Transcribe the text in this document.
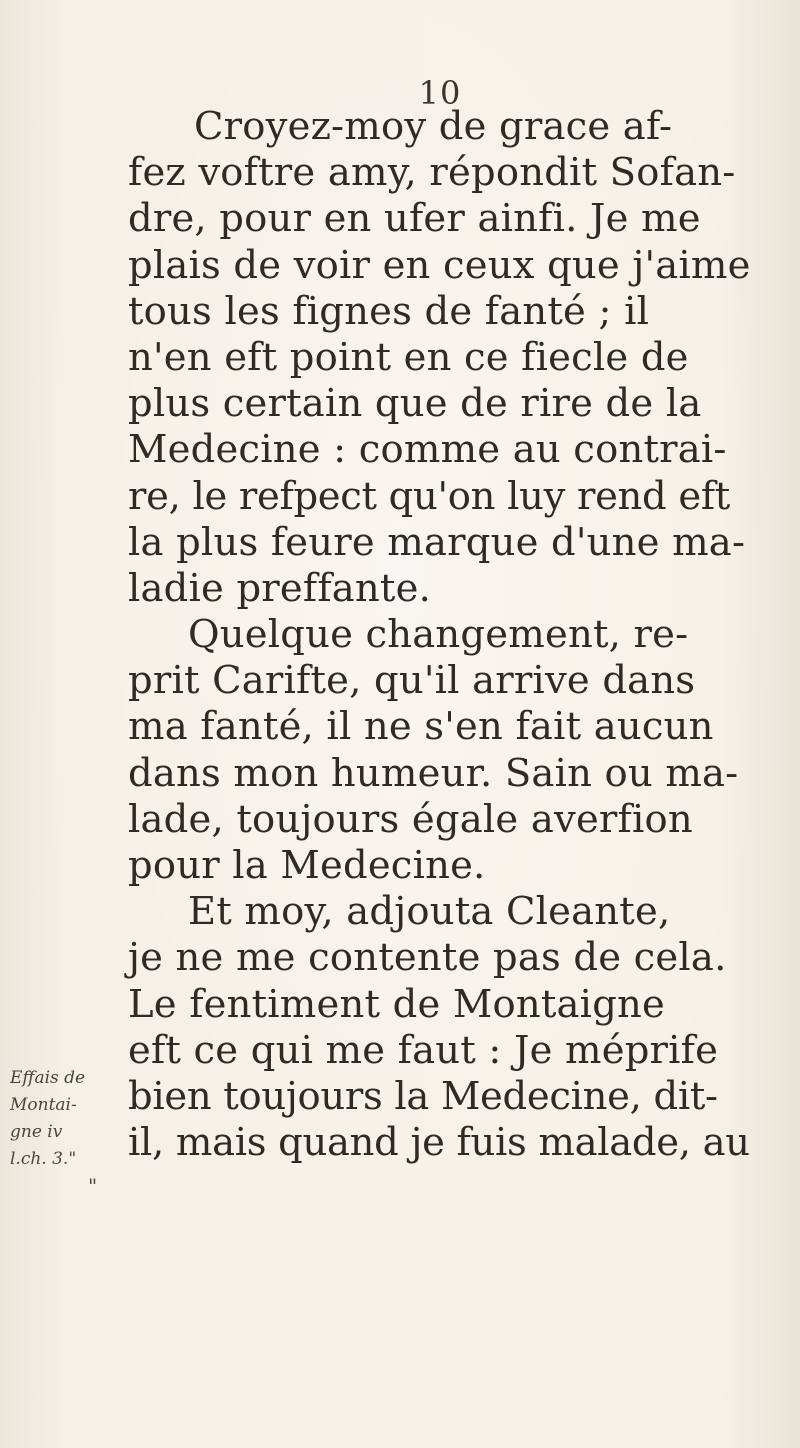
10
Croyez-moy de grace af-
fez voftre amy, répondit Sofan-
dre, pour en ufer ainfi. Je me
plais de voir en ceux que j'aime
tous les fignes de fanté ; il
n'en eft point en ce fiecle de
plus certain que de rire de la
Medecine : comme au contrai-
re, le refpect qu'on luy rend eft
la plus feure marque d'une ma-
ladie preffante.
Quelque changement, re-
prit Carifte, qu'il arrive dans
ma fanté, il ne s'en fait aucun
dans mon humeur. Sain ou ma-
lade, toujours égale averfion
pour la Medecine.
Et moy, adjouta Cleante,
je ne me contente pas de cela.
Le fentiment de Montaigne
eft ce qui me faut : Je méprife
bien toujours la Medecine, dit-
il, mais quand je fuis malade, au
Effais de
Montai-
gne iv
l.ch. 3."
"
